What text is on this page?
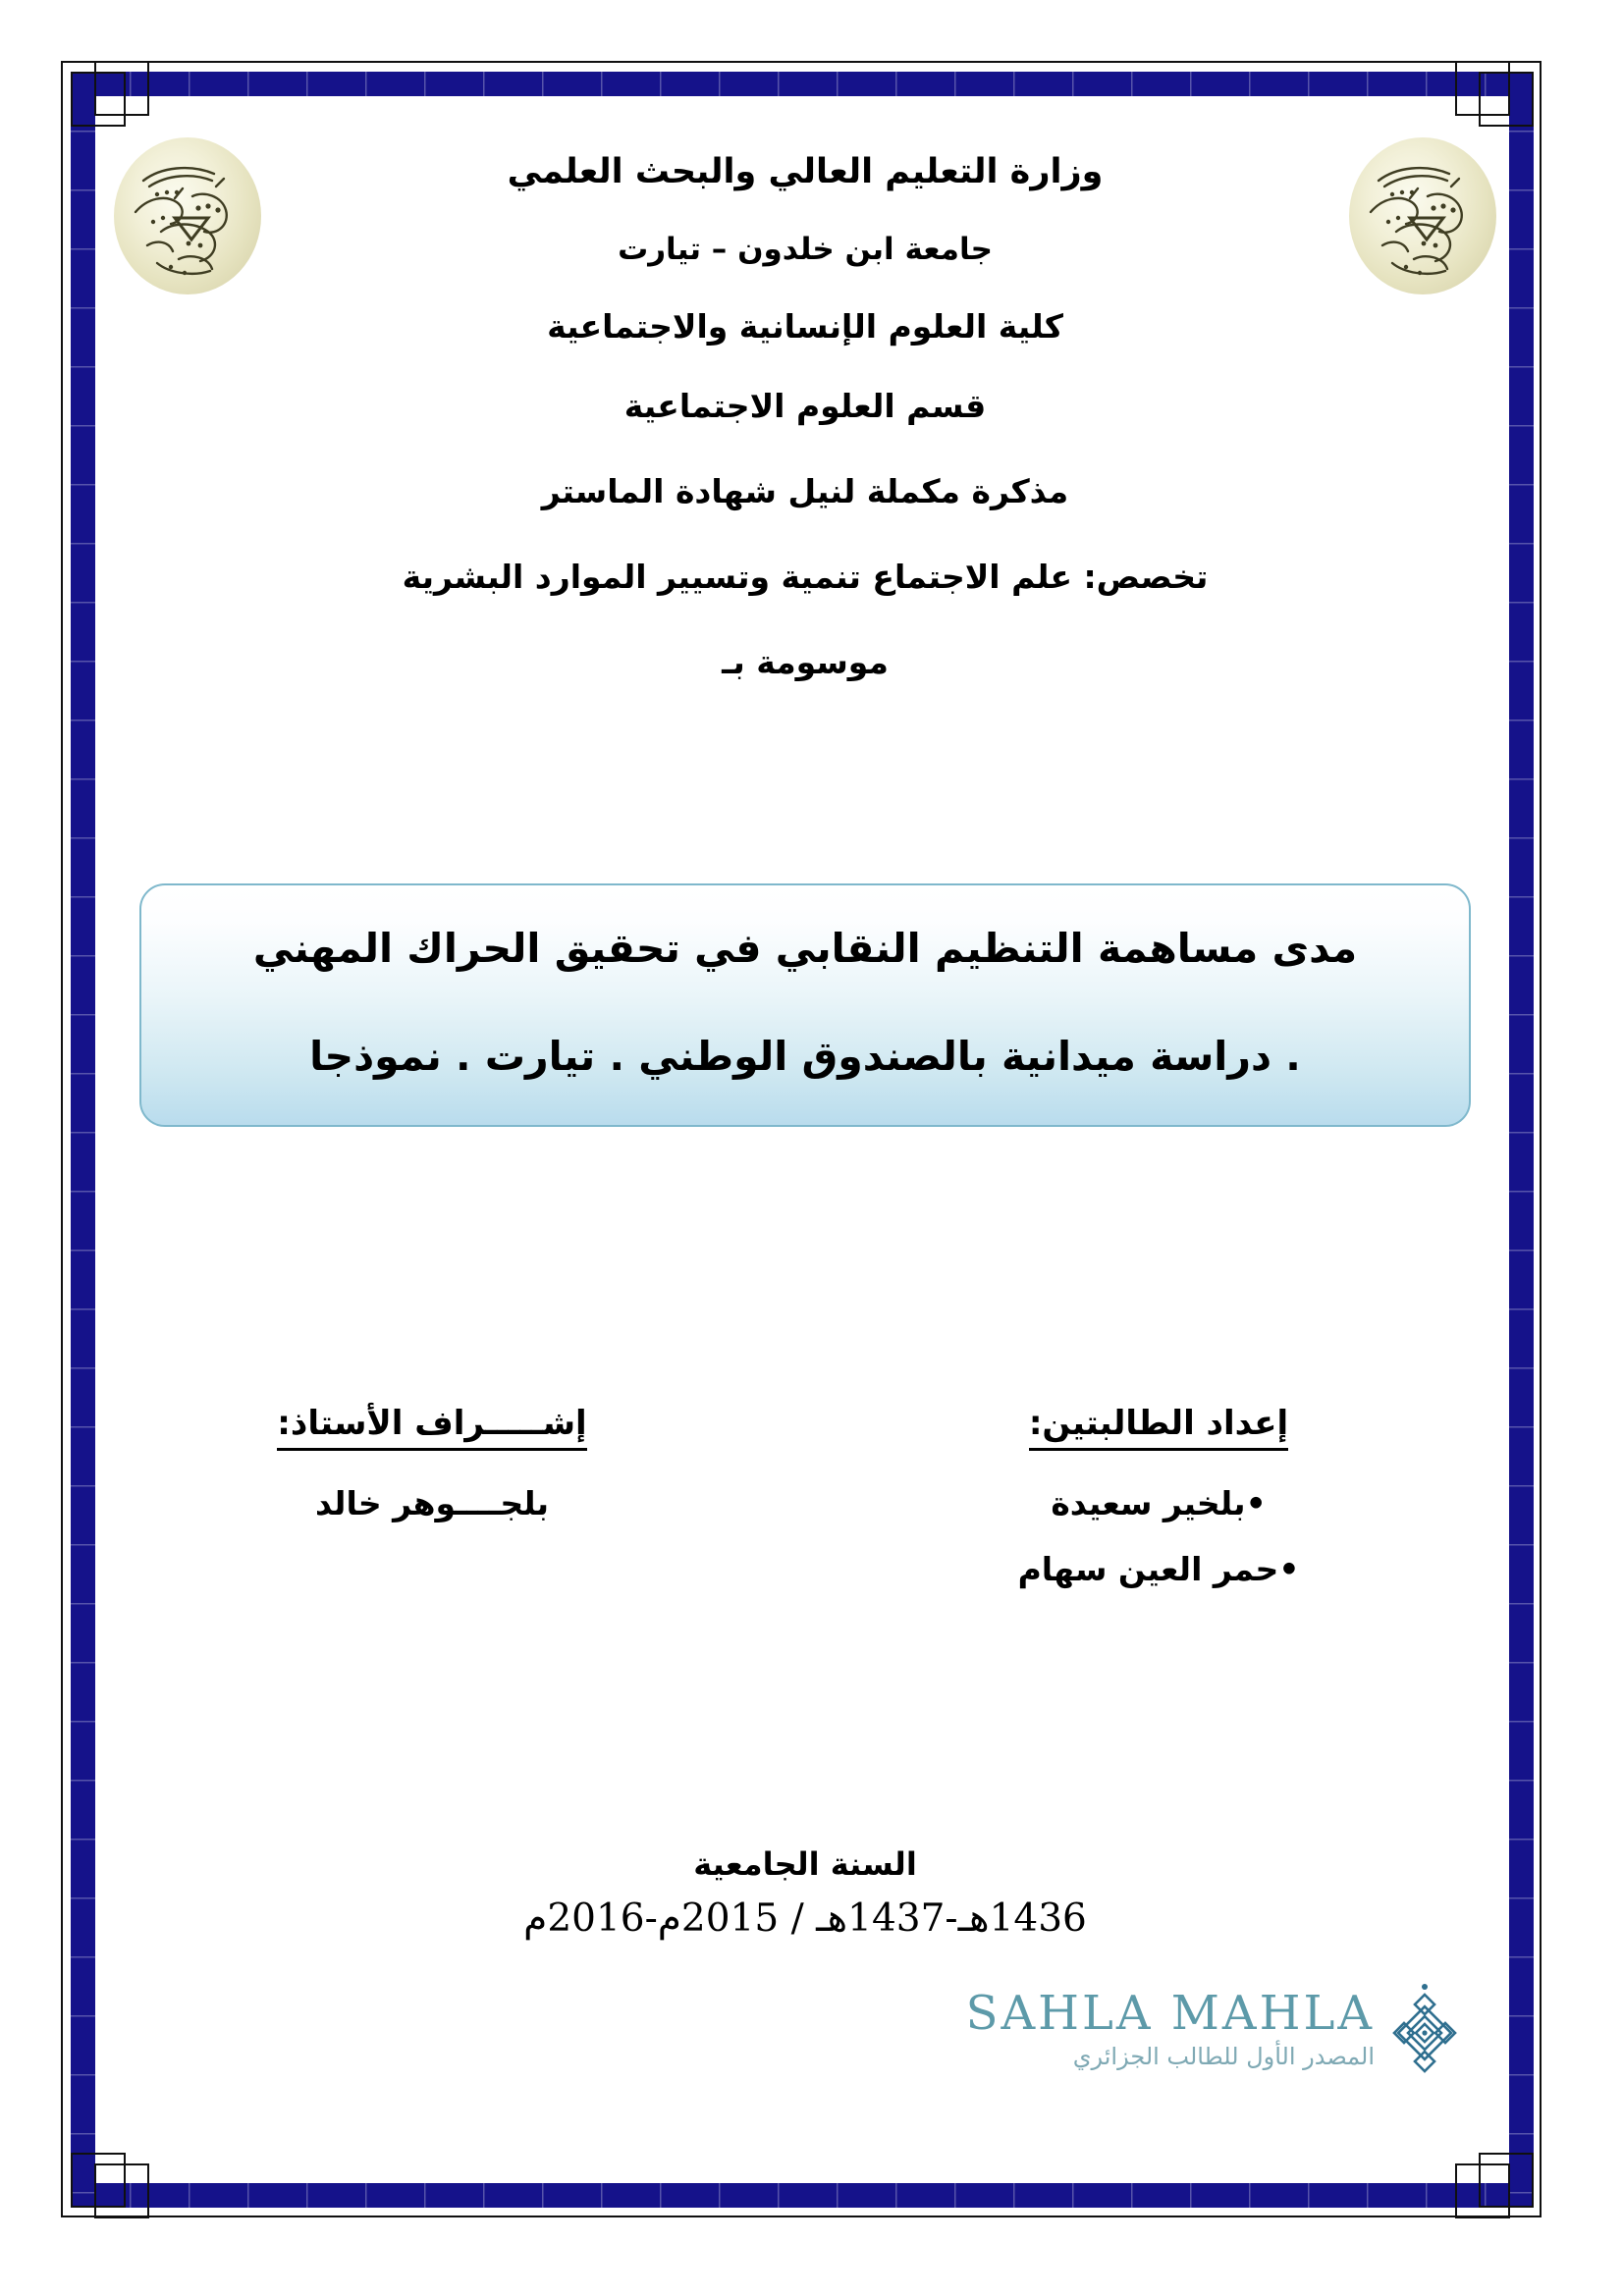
وزارة التعليم العالي والبحث العلمي
جامعة ابن خلدون – تيارت
كلية العلوم الإنسانية والاجتماعية
قسم العلوم الاجتماعية
مذكرة مكملة لنيل شهادة الماستر
تخصص: علم الاجتماع تنمية وتسيير الموارد البشرية
موسومة بـ
مدى مساهمة التنظيم النقابي في تحقيق الحراك المهني
. دراسة ميدانية بالصندوق الوطني . تيارت . نموذجا
إعداد الطالبتين:
•بلخير سعيدة
•حمر العين سهام
إشـــــراف الأستاذ:
بلجــــوهر خالد
السنة الجامعية
1436هـ-1437هـ / 2015م-2016م
SAHLA MAHLA
المصدر الأول للطالب الجزائري
